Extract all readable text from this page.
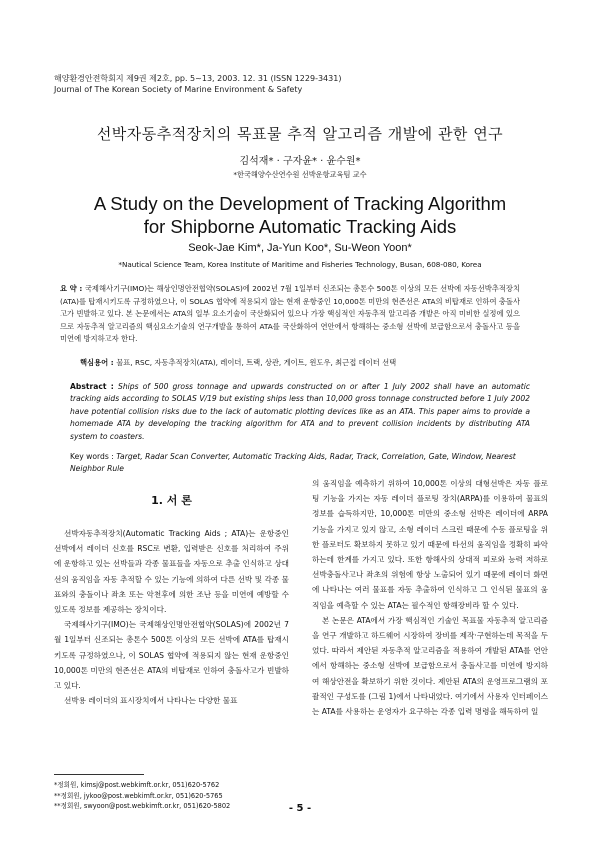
해양환경안전학회지 제9권 제2호, pp. 5~13, 2003. 12. 31 (ISSN 1229-3431)
Journal of The Korean Society of Marine Environment & Safety
선박자동추적장치의 목표물 추적 알고리즘 개발에 관한 연구
김석재* · 구자윤* · 윤수원*
*한국해양수산연수원 선박운항교육팀 교수
A Study on the Development of Tracking Algorithm
for Shipborne Automatic Tracking Aids
Seok-Jae Kim*, Ja-Yun Koo*, Su-Weon Yoon*
*Nautical Science Team, Korea Institute of Maritime and Fisheries Technology, Busan, 608-080, Korea
요 약 : 국제해사기구(IMO)는 해상인명안전협약(SOLAS)에 2002년 7월 1일부터 신조되는 총톤수 500톤 이상의 모든 선박에 자동선박추적장치(ATA)를 탑재시키도록 규정하였으나, 이 SOLAS 협약에 적용되지 않는 현재 운항중인 10,000톤 미만의 현존선은 ATA의 비탑재로 인하여 충돌사고가 빈발하고 있다. 본 논문에서는 ATA의 일부 요소기술이 국산화되어 있으나 가장 핵심적인 자동추적 알고리즘 개발은 아직 미비한 실정에 있으므로 자동추적 알고리즘의 핵심요소기술의 연구개발을 통하여 ATA를 국산화하여 연안에서 항해하는 중소형 선박에 보급함으로서 충돌사고 등을 미연에 방지하고자 한다.
핵심용어 : 물표, RSC, 자동추적장치(ATA), 레이더, 트랙, 상관, 게이트, 윈도우, 최근접 데이터 선택
Abstract : Ships of 500 gross tonnage and upwards constructed on or after 1 July 2002 shall have an automatic tracking aids according to SOLAS V/19 but existing ships less than 10,000 gross tonnage constructed before 1 July 2002 have potential collision risks due to the lack of automatic plotting devices like as an ATA. This paper aims to provide a homemade ATA by developing the tracking algorithm for ATA and to prevent collision incidents by distributing ATA system to coasters.
Key words : Target, Radar Scan Converter, Automatic Tracking Aids, Radar, Track, Correlation, Gate, Window, Nearest Neighbor Rule
1. 서 론

선박자동추적장치(Automatic Tracking Aids ; ATA)는 운항중인 선박에서 레이더 신호를 RSC로 변환, 입력받은 신호를 처리하여 주위에 운항하고 있는 선박들과 각종 물표들을 자동으로 추출 인식하고 상대선의 움직임을 자동 추적할 수 있는 기능에 의하여 다른 선박 및 각종 물표와의 충돌이나 좌초 또는 악천후에 의한 조난 등을 미연에 예방할 수 있도록 정보를 제공하는 장치이다.

국제해사기구(IMO)는 국제해상인명안전협약(SOLAS)에 2002년 7월 1일부터 신조되는 총톤수 500톤 이상의 모든 선박에 ATA를 탑재시키도록 규정하였으나, 이 SOLAS 협약에 적용되지 않는 현재 운항중인 10,000톤 미만의 현존선은 ATA의 비탑재로 인하여 충돌사고가 빈발하고 있다.

선박용 레이더의 표시장치에서 나타나는 다양한 물표

의 움직임을 예측하기 위하여 10,000톤 이상의 대형선박은 자동 플로팅 기능을 가지는 자동 레이더 플로팅 장치(ARPA)를 이용하여 물표의 정보를 습득하지만, 10,000톤 미만의 중소형 선박은 레이더에 ARPA 기능을 가지고 있지 않고, 소형 레이더 스크린 때문에 수동 플로팅을 위한 플로터도 확보하지 못하고 있기 때문에 타선의 움직임을 정확히 파악하는데 한계를 가지고 있다. 또한 항해사의 상대적 피로와 능력 저하로 선박충돌사고나 좌초의 위험에 항상 노출되어 있기 때문에 레이더 화면에 나타나는 여러 물표를 자동 추출하여 인식하고 그 인식된 물표의 움직임을 예측할 수 있는 ATA는 필수적인 항해장비라 할 수 있다.

본 논문은 ATA에서 가장 핵심적인 기술인 목표물 자동추적 알고리즘을 연구 개발하고 하드웨어 시장하여 장비를 제작·구현하는데 목적을 두었다. 따라서 제안된 자동추적 알고리즘을 적용하여 개발된 ATA를 연안에서 항해하는 중소형 선박에 보급함으로서 충돌사고를 미연에 방지하여 해상안전을 확보하기 위한 것이다. 제안된 ATA의 운영프로그램의 포괄적인 구성도를 (그림 1)에서 나타내었다. 여기에서 사용자 인터페이스는 ATA를 사용하는 운영자가 요구하는 각종 입력 명령을 해독하여 일

*정회원, kimsj@post.webkimft.or.kr, 051)620-5762
**정회원, jykoo@post.webkimft.or.kr, 051)620-5765
**정회원, swyoon@post.webkimft.or.kr, 051)620-5802	- 5 -
